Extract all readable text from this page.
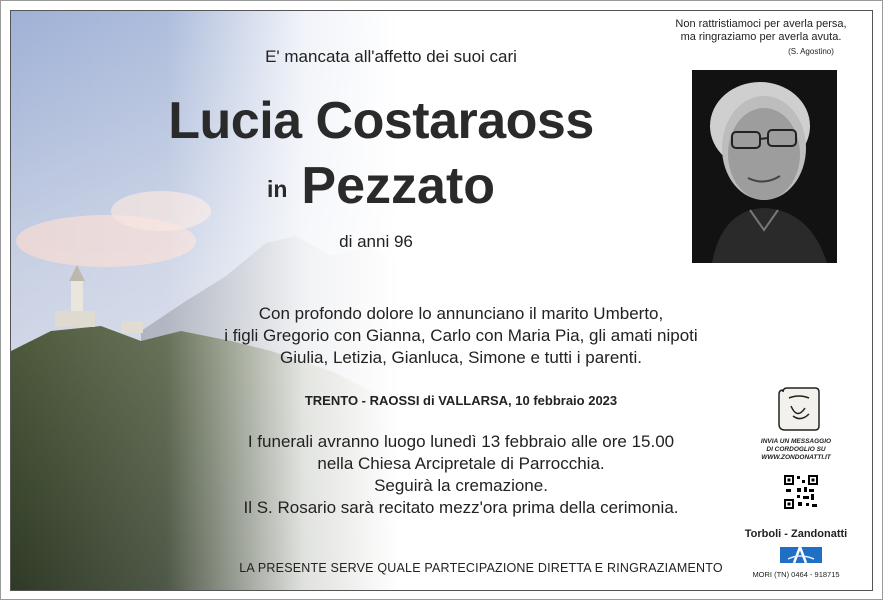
E' mancata all'affetto dei suoi cari
Lucia Costaraoss
in Pezzato
di anni 96
Con profondo dolore lo annunciano il marito Umberto,
i figli Gregorio con Gianna, Carlo con Maria Pia, gli amati nipoti
Giulia, Letizia, Gianluca, Simone e tutti i parenti.
TRENTO - RAOSSI di VALLARSA, 10 febbraio 2023
I funerali avranno luogo lunedì 13 febbraio alle ore 15.00
nella Chiesa Arcipretale di Parrocchia.
Seguirà la cremazione.
Il S. Rosario sarà recitato mezz'ora prima della cerimonia.
LA PRESENTE SERVE QUALE PARTECIPAZIONE DIRETTA E RINGRAZIAMENTO
Non rattristiamoci per averla persa,
ma ringraziamo per averla avuta.
(S. Agostino)
INVIA UN MESSAGGIO
DI CORDOGLIO SU
WWW.ZONDONATTI.IT
Torboli - Zandonatti
MORI (TN) 0464 - 918715
